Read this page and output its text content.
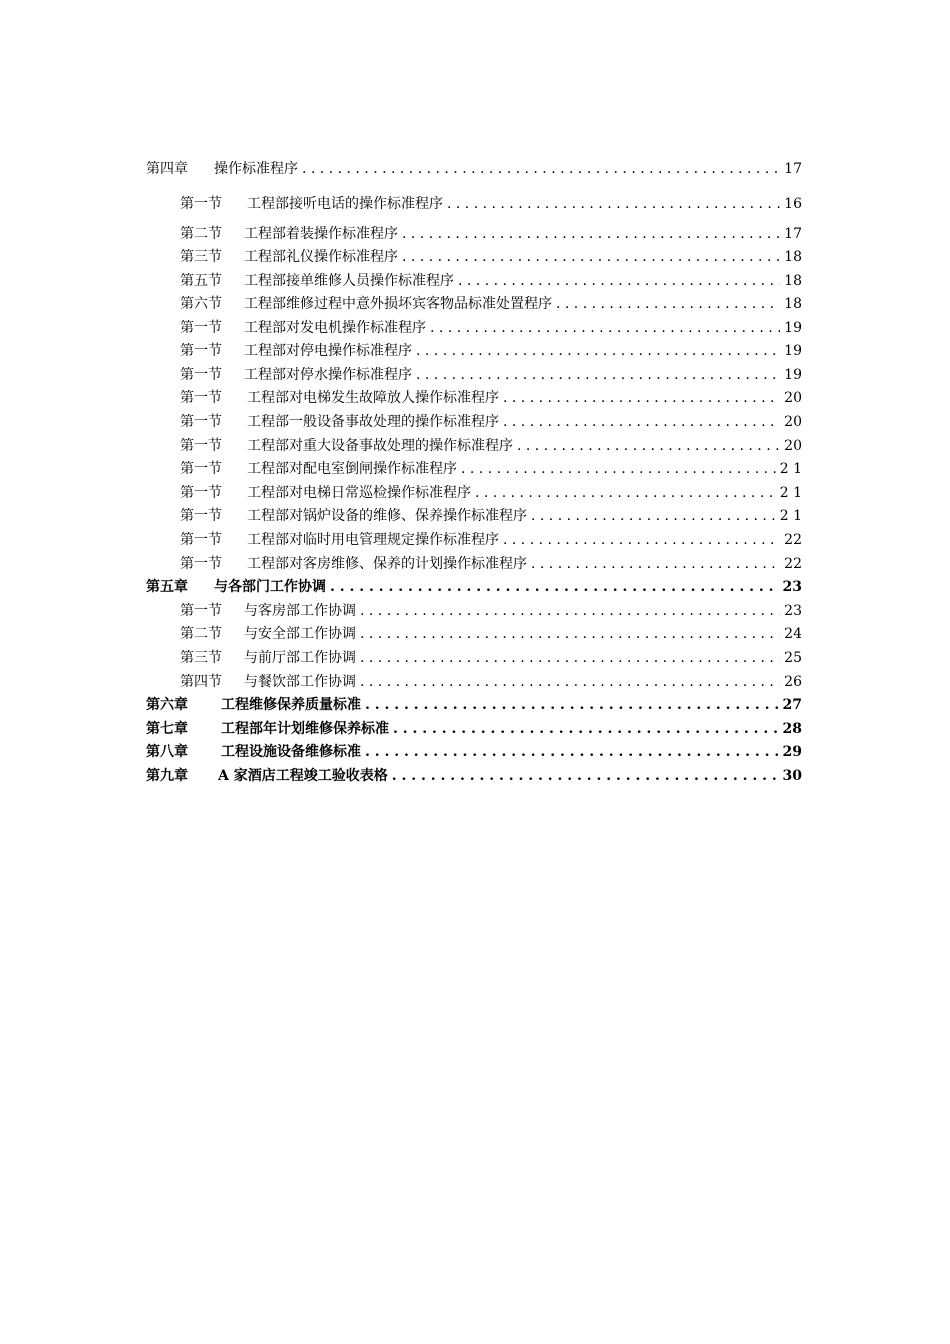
第四章	操作标准程序 . . .	17
第一节	工程部接听电话的操作标准程序 . . .	16
第二节	工程部着装操作标准程序 . . .	17
第三节	工程部礼仪操作标准程序 . . .	18
第五节	工程部接单维修人员操作标准程序 . . .	18
第六节	工程部维修过程中意外损坏宾客物品标准处置程序 . . .	18
第一节	工程部对发电机操作标准程序 . . .	19
第一节	工程部对停电操作标准程序 . . .	19
第一节	工程部对停水操作标准程序 . . .	19
第一节	工程部对电梯发生故障放人操作标准程序 . . .	20
第一节	工程部一般设备事故处理的操作标准程序 . . .	20
第一节	工程部对重大设备事故处理的操作标准程序 . . .	20
第一节	工程部对配电室倒闸操作标准程序 . . .	2 1
第一节	工程部对电梯日常巡检操作标准程序 . . .	2 1
第一节	工程部对锅炉设备的维修、保养操作标准程序 . . .	2 1
第一节	工程部对临时用电管理规定操作标准程序 . . .	22
第一节	工程部对客房维修、保养的计划操作标准程序 . . .	22
第五章	与各部门工作协调 . . .	23
第一节	与客房部工作协调 . . .	23
第二节	与安全部工作协调 . . .	24
第三节	与前厅部工作协调 . . .	25
第四节	与餐饮部工作协调 . . .	26
第六章	工程维修保养质量标准 . . .	27
第七章	工程部年计划维修保养标准 . . .	28
第八章	工程设施设备维修标准 . . .	29
第九章	A 家酒店工程竣工验收表格 . . .	30
